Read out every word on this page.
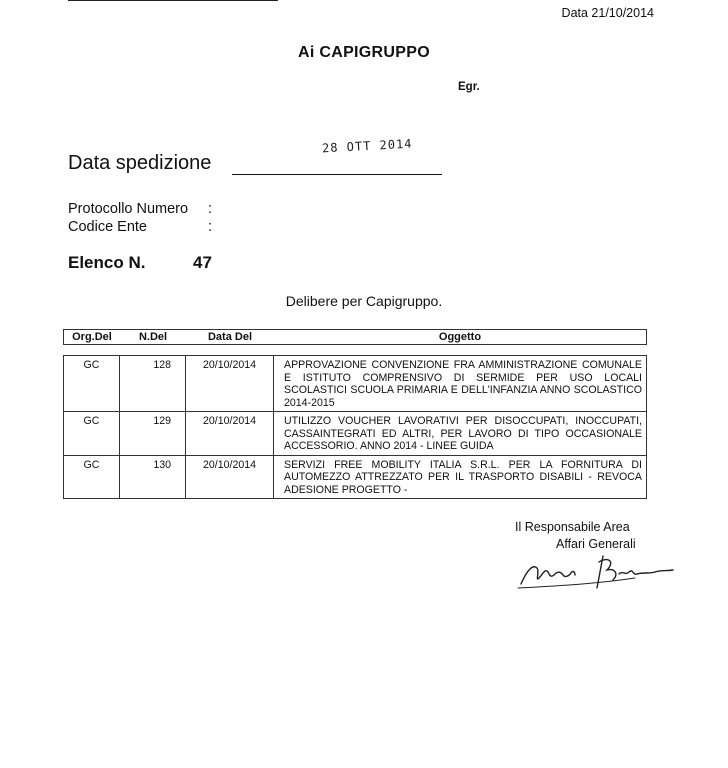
Data 21/10/2014
Ai CAPIGRUPPO
Egr.
28 OTT 2014
Data spedizione
Protocollo Numero :
Codice Ente	:
Elenco N.	47
Delibere per Capigruppo.
Org.Del	N.Del	Data Del	Oggetto
GC	128	20/10/2014	APPROVAZIONE CONVENZIONE FRA AMMINISTRAZIONE COMUNALE E ISTITUTO COMPRENSIVO DI SERMIDE PER USO LOCALI SCOLASTICI SCUOLA PRIMARIA E DELL'INFANZIA ANNO SCOLASTICO 2014-2015
GC	129	20/10/2014	UTILIZZO VOUCHER LAVORATIVI PER DISOCCUPATI, INOCCUPATI, CASSAINTEGRATI ED ALTRI, PER LAVORO DI TIPO OCCASIONALE ACCESSORIO. ANNO 2014 - LINEE GUIDA
GC	130	20/10/2014	SERVIZI FREE MOBILITY ITALIA S.R.L. PER LA FORNITURA DI AUTOMEZZO ATTREZZATO PER IL TRASPORTO DISABILI - REVOCA ADESIONE PROGETTO -
Il Responsabile Area
Affari Generali
